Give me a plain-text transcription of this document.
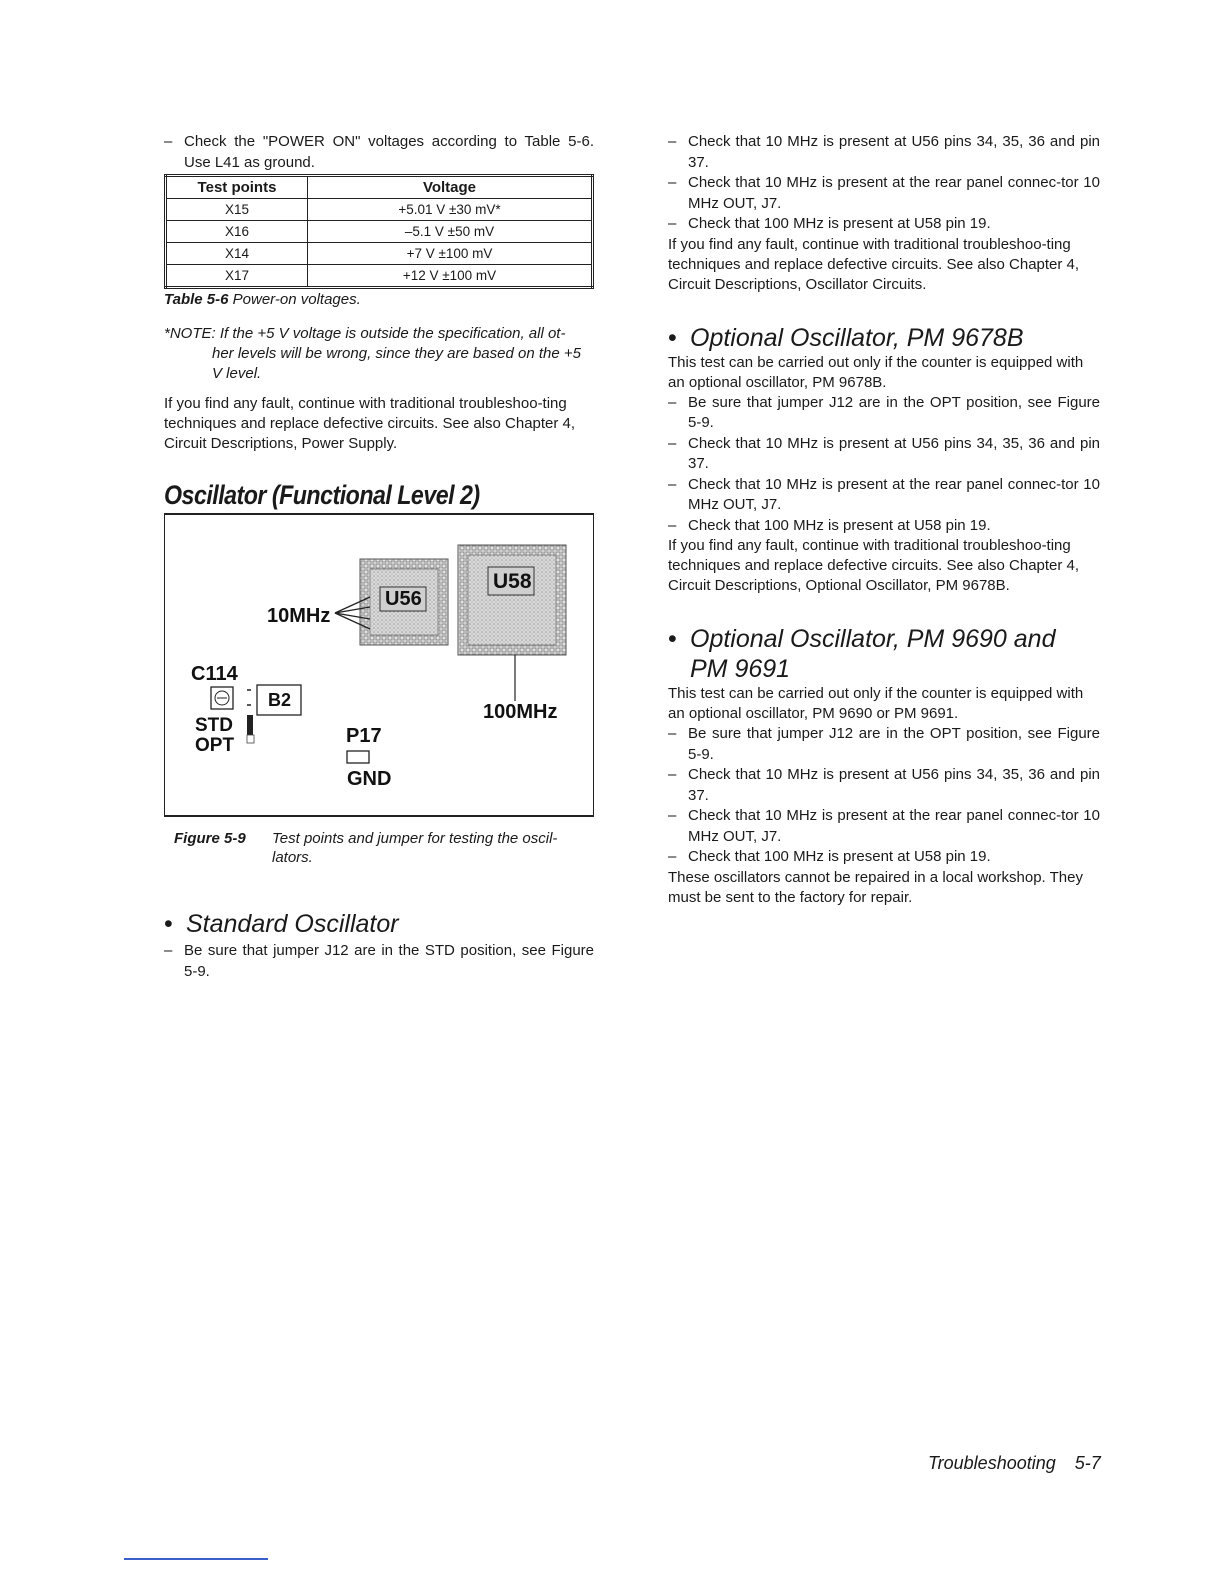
– Check the "POWER ON" voltages according to Table 5-6. Use L41 as ground.
Test points	Voltage
X15	+5.01 V ±30 mV*
X16	–5.1 V ±50 mV
X14	+7 V ±100 mV
X17	+12 V ±100 mV
Table 5-6 Power-on voltages.
*NOTE: If the +5 V voltage is outside the specification, all ot-
her levels will be wrong, since they are based on the +5 V level.

If you find any fault, continue with traditional troubleshoo-ting techniques and replace defective circuits. See also Chapter 4, Circuit Descriptions, Power Supply.

Oscillator (Functional Level 2)
10MHz
U56
U58
C114
B2
STD
OPT	P17
GND
100MHz
Figure 5-9	Test points and jumper for testing the oscil-lators.
• Standard Oscillator
– Be sure that jumper J12 are in the STD position, see Figure 5-9.
– Check that 10 MHz is present at U56 pins 34, 35, 36 and pin 37.
– Check that 10 MHz is present at the rear panel connec-tor 10 MHz OUT, J7.
– Check that 100 MHz is present at U58 pin 19.

If you find any fault, continue with traditional troubleshoo-ting techniques and replace defective circuits. See also Chapter 4, Circuit Descriptions, Oscillator Circuits.

• Optional Oscillator, PM 9678B

This test can be carried out only if the counter is equipped with an optional oscillator, PM 9678B.

– Be sure that jumper J12 are in the OPT position, see Figure 5-9.
– Check that 10 MHz is present at U56 pins 34, 35, 36 and pin 37.
– Check that 10 MHz is present at the rear panel connec-tor 10 MHz OUT, J7.
– Check that 100 MHz is present at U58 pin 19.

If you find any fault, continue with traditional troubleshoo-ting techniques and replace defective circuits. See also Chapter 4, Circuit Descriptions, Optional Oscillator, PM 9678B.

• Optional Oscillator, PM 9690 and
PM 9691

This test can be carried out only if the counter is equipped with an optional oscillator, PM 9690 or PM 9691.

– Be sure that jumper J12 are in the OPT position, see Figure 5-9.
– Check that 10 MHz is present at U56 pins 34, 35, 36 and pin 37.
– Check that 10 MHz is present at the rear panel connec-tor 10 MHz OUT, J7.
– Check that 100 MHz is present at U58 pin 19.

These oscillators cannot be repaired in a local workshop. They must be sent to the factory for repair.

Troubleshooting 5-7
